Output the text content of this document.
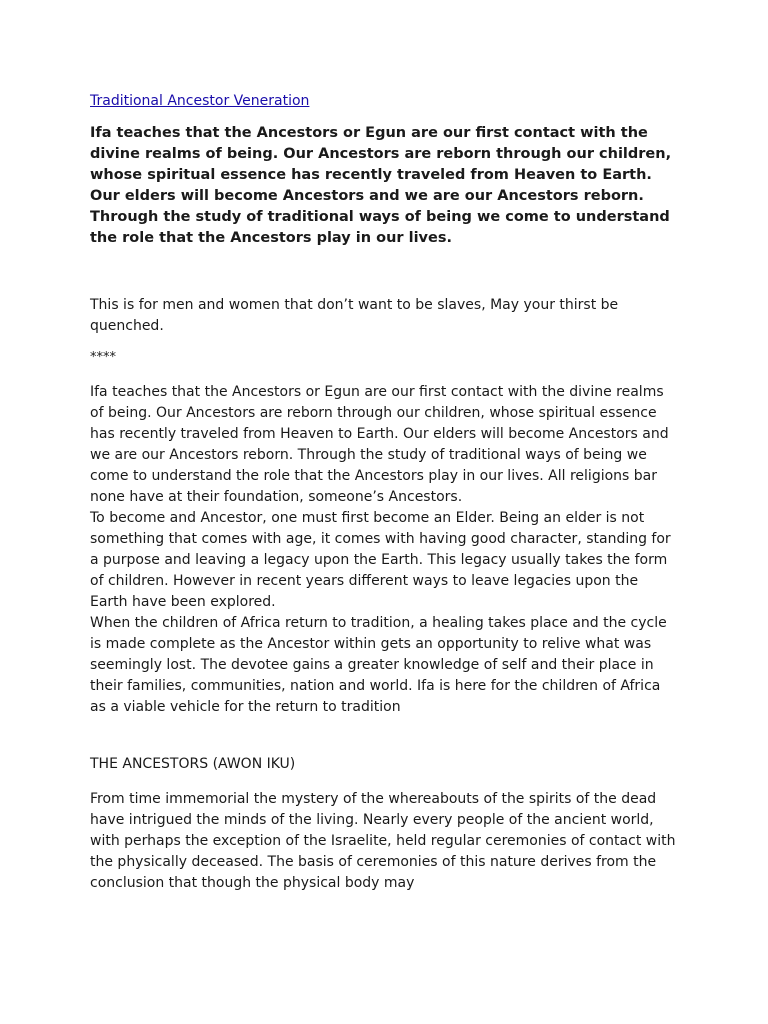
Traditional Ancestor Veneration

Ifa teaches that the Ancestors or Egun are our first contact with the divine realms of being. Our Ancestors are reborn through our children, whose spiritual essence has recently traveled from Heaven to Earth. Our elders will become Ancestors and we are our Ancestors reborn. Through the study of traditional ways of being we come to understand the role that the Ancestors play in our lives.

This is for men and women that don’t want to be slaves, May your thirst be quenched.

****

Ifa teaches that the Ancestors or Egun are our first contact with the divine realms of being. Our Ancestors are reborn through our children, whose spiritual essence has recently traveled from Heaven to Earth. Our elders will become Ancestors and we are our Ancestors reborn. Through the study of traditional ways of being we come to understand the role that the Ancestors play in our lives. All religions bar none have at their foundation, someone’s Ancestors.

To become and Ancestor, one must first become an Elder. Being an elder is not something that comes with age, it comes with having good character, standing for a purpose and leaving a legacy upon the Earth. This legacy usually takes the form of children. However in recent years different ways to leave legacies upon the Earth have been explored.

When the children of Africa return to tradition, a healing takes place and the cycle is made complete as the Ancestor within gets an opportunity to relive what was seemingly lost. The devotee gains a greater knowledge of self and their place in their families, communities, nation and world. Ifa is here for the children of Africa as a viable vehicle for the return to tradition

THE ANCESTORS (AWON IKU)

From time immemorial the mystery of the whereabouts of the spirits of the dead have intrigued the minds of the living. Nearly every people of the ancient world, with perhaps the exception of the Israelite, held regular ceremonies of contact with the physically deceased. The basis of ceremonies of this nature derives from the conclusion that though the physical body may
